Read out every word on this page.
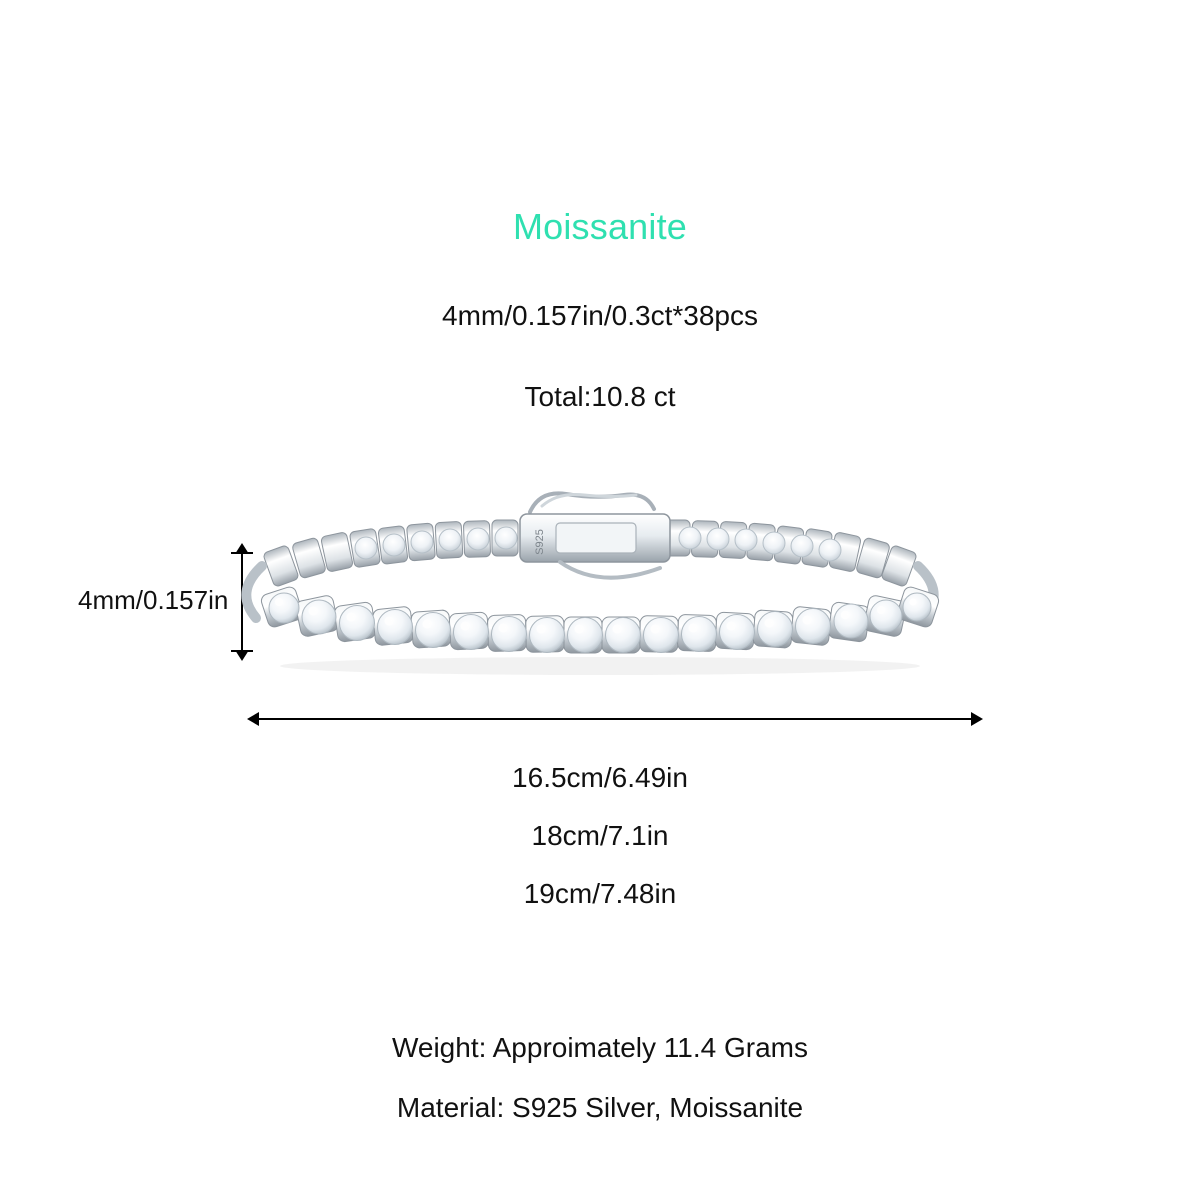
Moissanite
4mm/0.157in/0.3ct*38pcs
Total:10.8 ct
4mm/0.157in
S925
16.5cm/6.49in
18cm/7.1in
19cm/7.48in
Weight: Approimately 11.4 Grams
Material: S925 Silver, Moissanite
